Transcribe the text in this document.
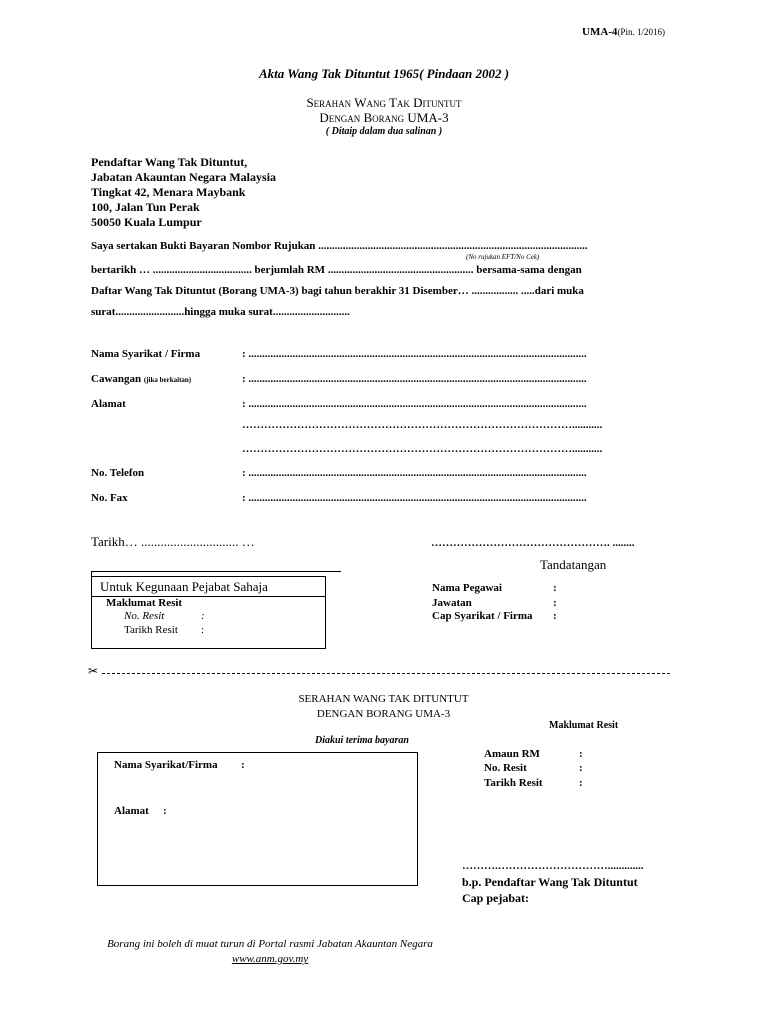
UMA-4(Pin. 1/2016)
Akta Wang Tak Dituntut 1965( Pindaan 2002 )
Serahan Wang Tak Dituntut
Dengan Borang UMA-3
( Ditaip dalam dua salinan )
Pendaftar Wang Tak Dituntut,
Jabatan Akauntan Negara Malaysia
Tingkat 42, Menara Maybank
100, Jalan Tun Perak
50050 Kuala Lumpur
Saya sertakan Bukti Bayaran Nombor Rujukan ..................................................................................................
(No rujukan EFT/No Cek)
bertarikh … .................................... berjumlah RM ..................................................... bersama-sama dengan
Daftar Wang Tak Dituntut (Borang UMA-3) bagi tahun berakhir 31 Disember… ................. .....dari muka
surat.........................hingga muka surat............................
Nama Syarikat / Firma	: ...........................................................................................................................
Cawangan (jika berkaitan)	: ...........................................................................................................................
Alamat	: ...........................................................................................................................
………………………………………………………………………………...........
………………………………………………………………………………...........
No. Telefon	: ...........................................................................................................................
No. Fax	: ...........................................................................................................................
Tarikh… .............................. …	…………………………………………. ........
Tandatangan
Untuk Kegunaan Pejabat Sahaja
Maklumat Resit
No. Resit	:
Tarikh Resit :
Nama Pegawai	:
Jawatan	:
Cap Syarikat / Firma :
✂
SERAHAN WANG TAK DITUNTUT
DENGAN BORANG UMA-3
Maklumat Resit
Diakui terima bayaran
Nama Syarikat/Firma :
Alamat :
Amaun RM	:
No. Resit	:
Tarikh Resit	:
……….………………………….............
b.p. Pendaftar Wang Tak Dituntut
Cap pejabat:
Borang ini boleh di muat turun di Portal rasmi Jabatan Akauntan Negara
www.anm.gov.my
